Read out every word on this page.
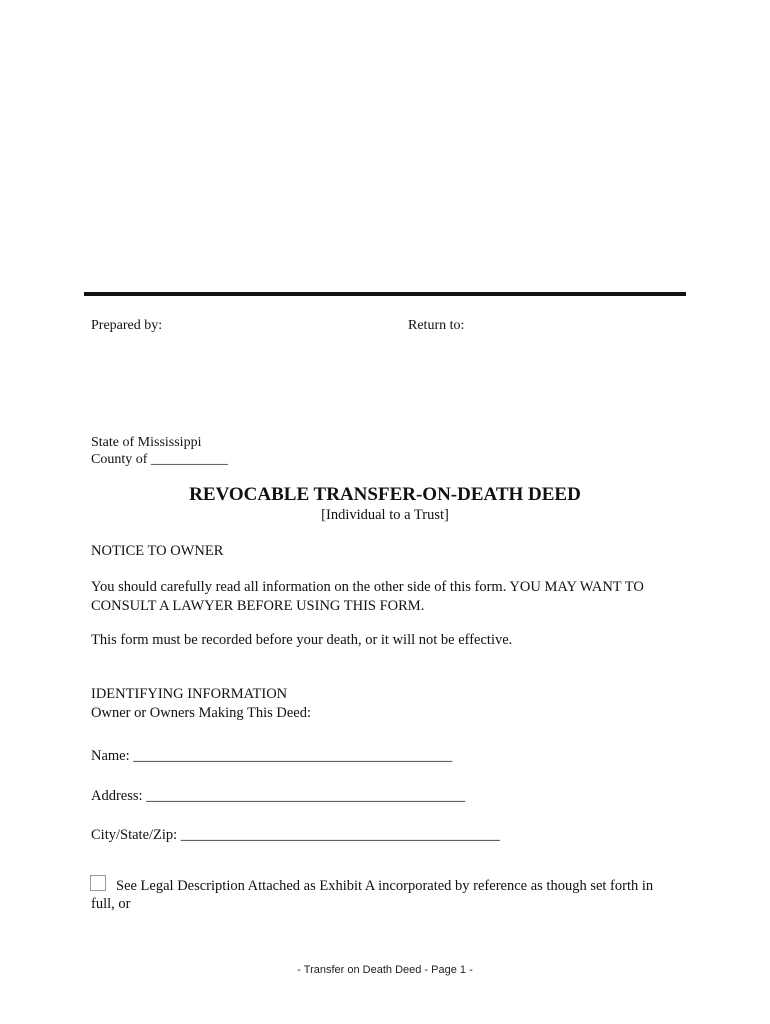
Prepared by:	Return to:
State of Mississippi
County of ___________
REVOCABLE TRANSFER-ON-DEATH DEED
[Individual to a Trust]
NOTICE TO OWNER
You should carefully read all information on the other side of this form. YOU MAY WANT TO
CONSULT A LAWYER BEFORE USING THIS FORM.
This form must be recorded before your death, or it will not be effective.
IDENTIFYING INFORMATION
Owner or Owners Making This Deed:
Name: ____________________________________________
Address: ____________________________________________
City/State/Zip: ____________________________________________
See Legal Description Attached as Exhibit A incorporated by reference as though set forth in
full, or
- Transfer on Death Deed - Page 1 -
